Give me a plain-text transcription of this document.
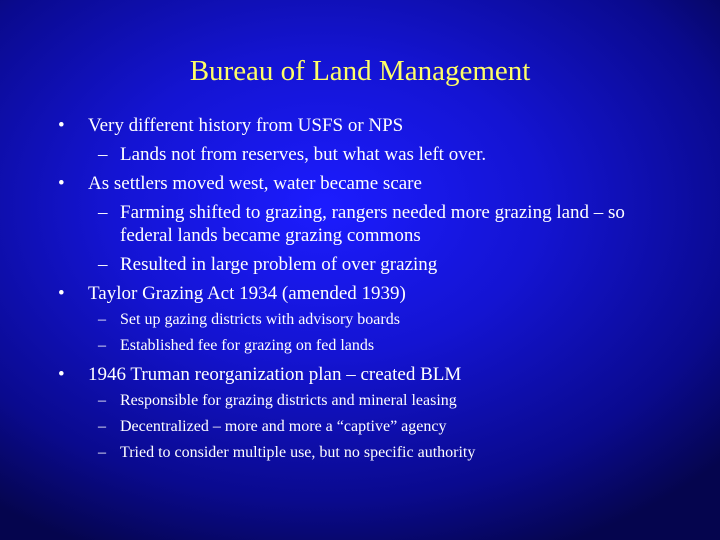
Bureau of Land Management
• Very different history from USFS or NPS
– Lands not from reserves, but what was left over.
• As settlers moved west, water became scare
– Farming shifted to grazing, rangers needed more grazing land – so
federal lands became grazing commons
– Resulted in large problem of over grazing
• Taylor Grazing Act 1934 (amended 1939)
– Set up gazing districts with advisory boards
– Established fee for grazing on fed lands
• 1946 Truman reorganization plan – created BLM
– Responsible for grazing districts and mineral leasing
– Decentralized – more and more a “captive” agency
– Tried to consider multiple use, but no specific authority
